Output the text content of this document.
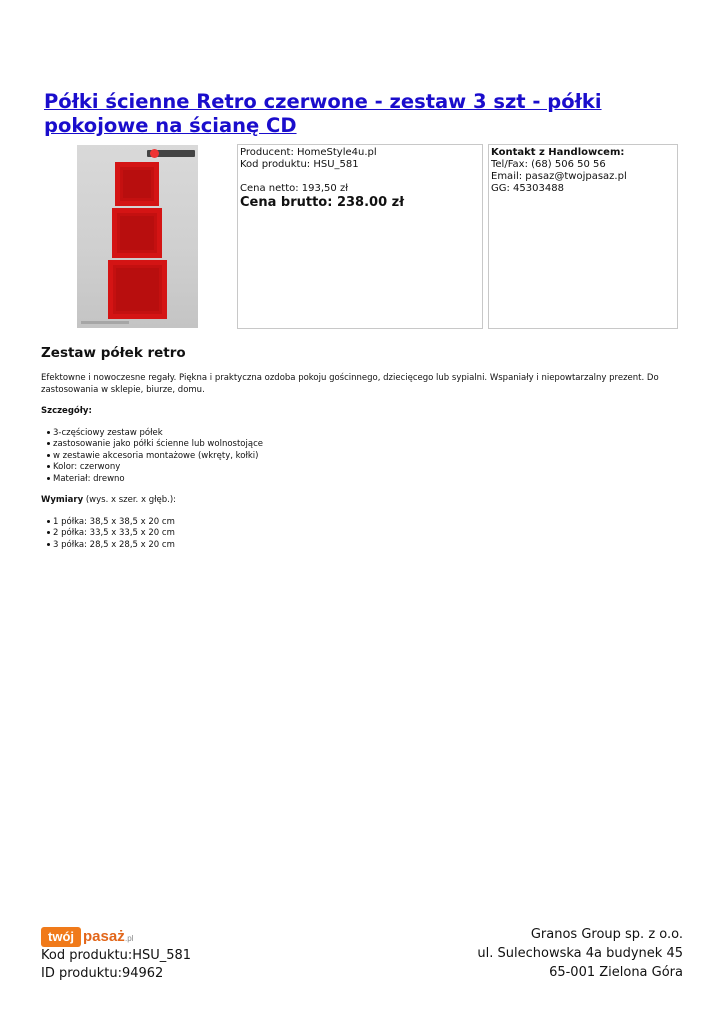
Półki ścienne Retro czerwone - zestaw 3 szt - półki pokojowe na ścianę CD
Producent: HomeStyle4u.pl
Kod produktu: HSU_581
Cena netto: 193,50 zł
Cena brutto: 238.00 zł
Kontakt z Handlowcem:
Tel/Fax: (68) 506 50 56
Email: pasaz@twojpasaz.pl
GG: 45303488
Zestaw półek retro

Efektowne i nowoczesne regały. Piękna i praktyczna ozdoba pokoju gościnnego, dziecięcego lub sypialni. Wspaniały i niepowtarzalny prezent. Do zastosowania w sklepie, biurze, domu.

Szczegóły:

3-częściowy zestaw półek
zastosowanie jako półki ścienne lub wolnostojące
w zestawie akcesoria montażowe (wkręty, kołki)
Kolor: czerwony
Materiał: drewno

Wymiary (wys. x szer. x głęb.):

1 półka: 38,5 x 38,5 x 20 cm
2 półka: 33,5 x 33,5 x 20 cm
3 półka: 28,5 x 28,5 x 20 cm
twój pasaż .pl
Kod produktu:HSU_581
ID produktu:94962
Granos Group sp. z o.o.
ul. Sulechowska 4a budynek 45
65-001 Zielona Góra
